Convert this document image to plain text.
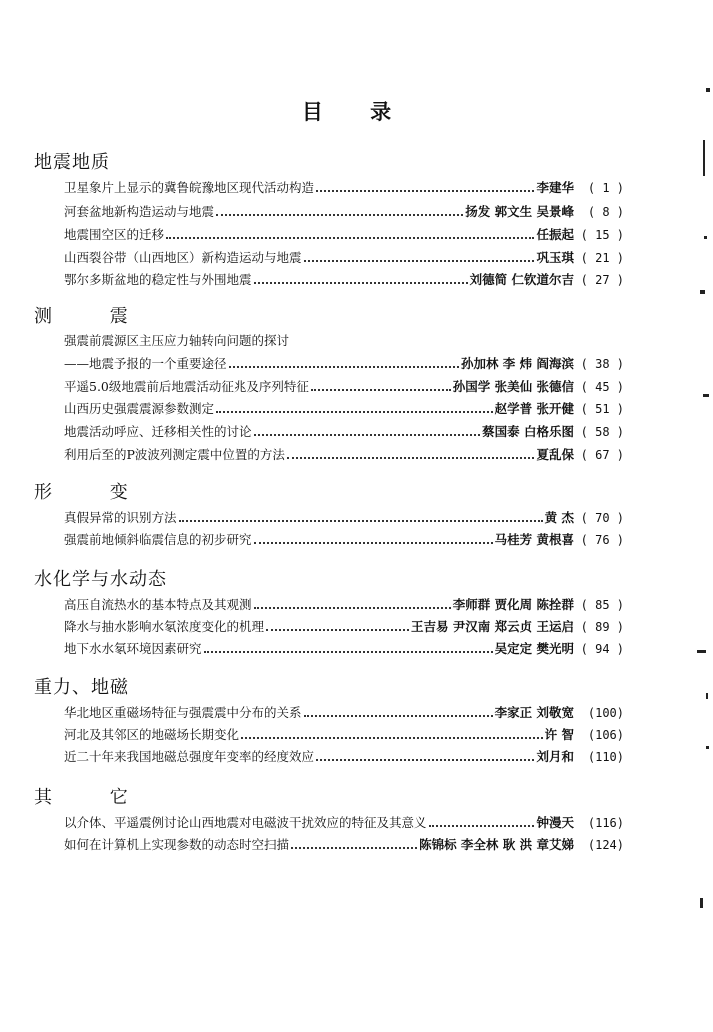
目 录
地震地质
卫星象片上显示的冀鲁皖豫地区现代活动构造	李建华	( 1 )
河套盆地新构造运动与地震	扬发 郭文生 吴景峰	( 8 )
地震围空区的迁移	任振起 ( 15 )
山西裂谷带（山西地区）新构造运动与地震	巩玉琪 ( 21 )
鄂尔多斯盆地的稳定性与外围地震	刘德简 仁钦道尔吉 ( 27 )
测 震
强震前震源区主压应力轴转向问题的探讨
——地震予报的一个重要途径	孙加林 李 炜 阎海滨 ( 38 )
平遥5.0级地震前后地震活动征兆及序列特征	孙国学 张美仙 张德信 ( 45 )
山西历史强震震源参数测定	赵学普 张开健 ( 51 )
地震活动呼应、迁移相关性的讨论	蔡国泰 白格乐图 ( 58 )
利用后至的P波波列测定震中位置的方法	夏乱保 ( 67 )
形 变
真假异常的识别方法	黄 杰 ( 70 )
强震前地倾斜临震信息的初步研究	马桂芳 黄根喜 ( 76 )
水化学与水动态
高压自流热水的基本特点及其观测	李师群 贾化周 陈拴群 ( 85 )
降水与抽水影响水氡浓度变化的机理	王吉易 尹汉南 郑云贞 王运启 ( 89 )
地下水水氡环境因素研究	吴定定 樊光明 ( 94 )
重力、地磁
华北地区重磁场特征与强震震中分布的关系	李家正 刘敬宽	(100)
河北及其邻区的地磁场长期变化	许 智	(106)
近二十年来我国地磁总强度年变率的经度效应	刘月和	(110)
其 它
以介体、平遥震例讨论山西地震对电磁波干扰效应的特征及其意义	钟漫天	(116)
如何在计算机上实现参数的动态时空扫描	陈锦标 李全林 耿 洪 章艾娣	(124)
